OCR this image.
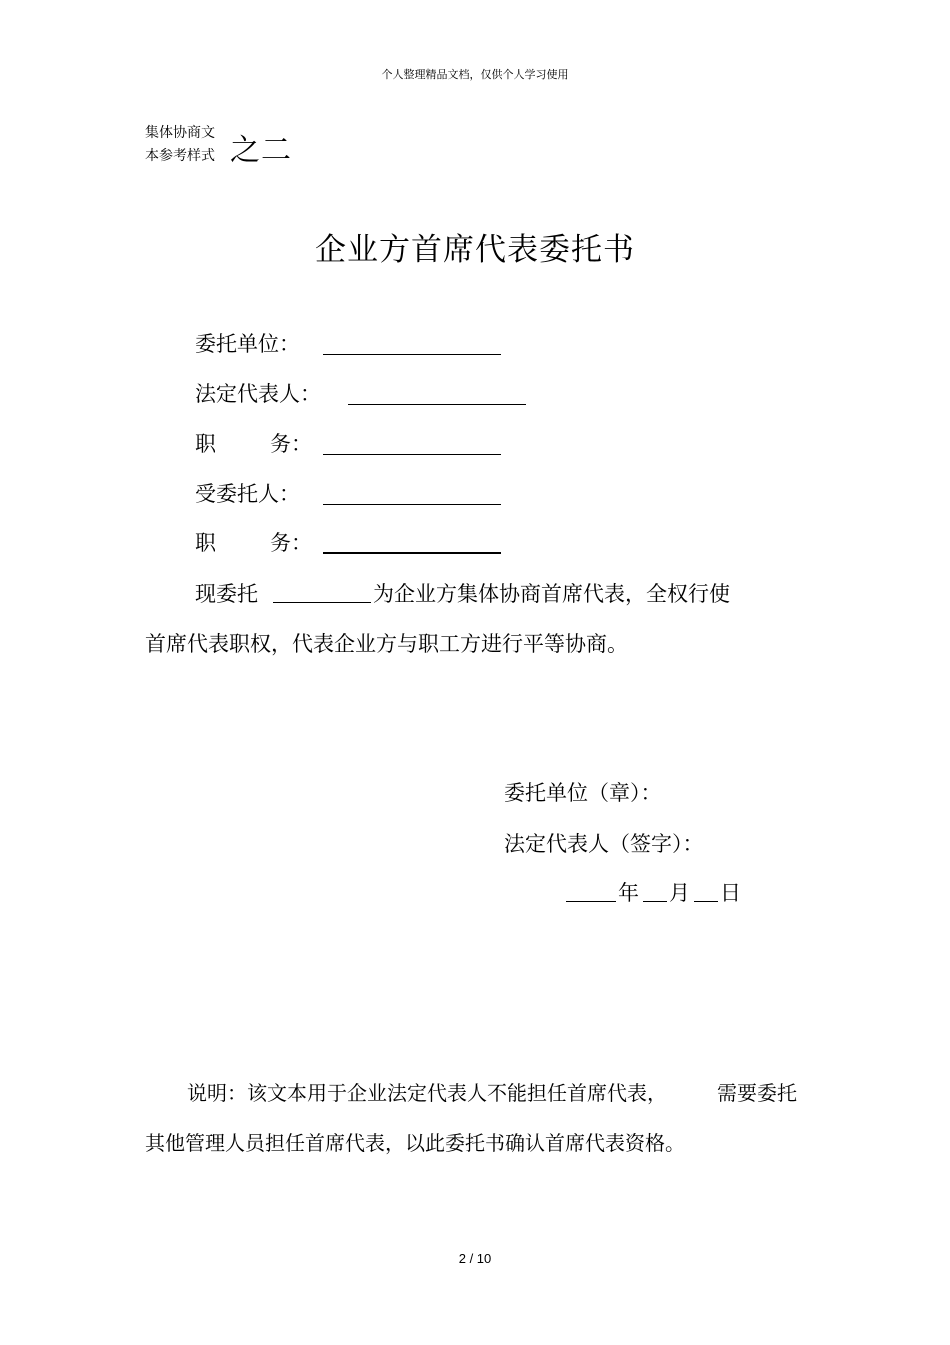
个人整理精品文档，仅供个人学习使用
集体协商文
本参考样式 之二
企业方首席代表委托书
委托单位：
法定代表人：
职	务：
受委托人：
职	务：
现委托	为企业方集体协商首席代表，全权行使
首席代表职权，代表企业方与职工方进行平等协商。
委托单位（章）：
法定代表人（签字）：
年 月 日
说明：该文本用于企业法定代表人不能担任首席代表，	需要委托
其他管理人员担任首席代表，以此委托书确认首席代表资格。
2 / 10
